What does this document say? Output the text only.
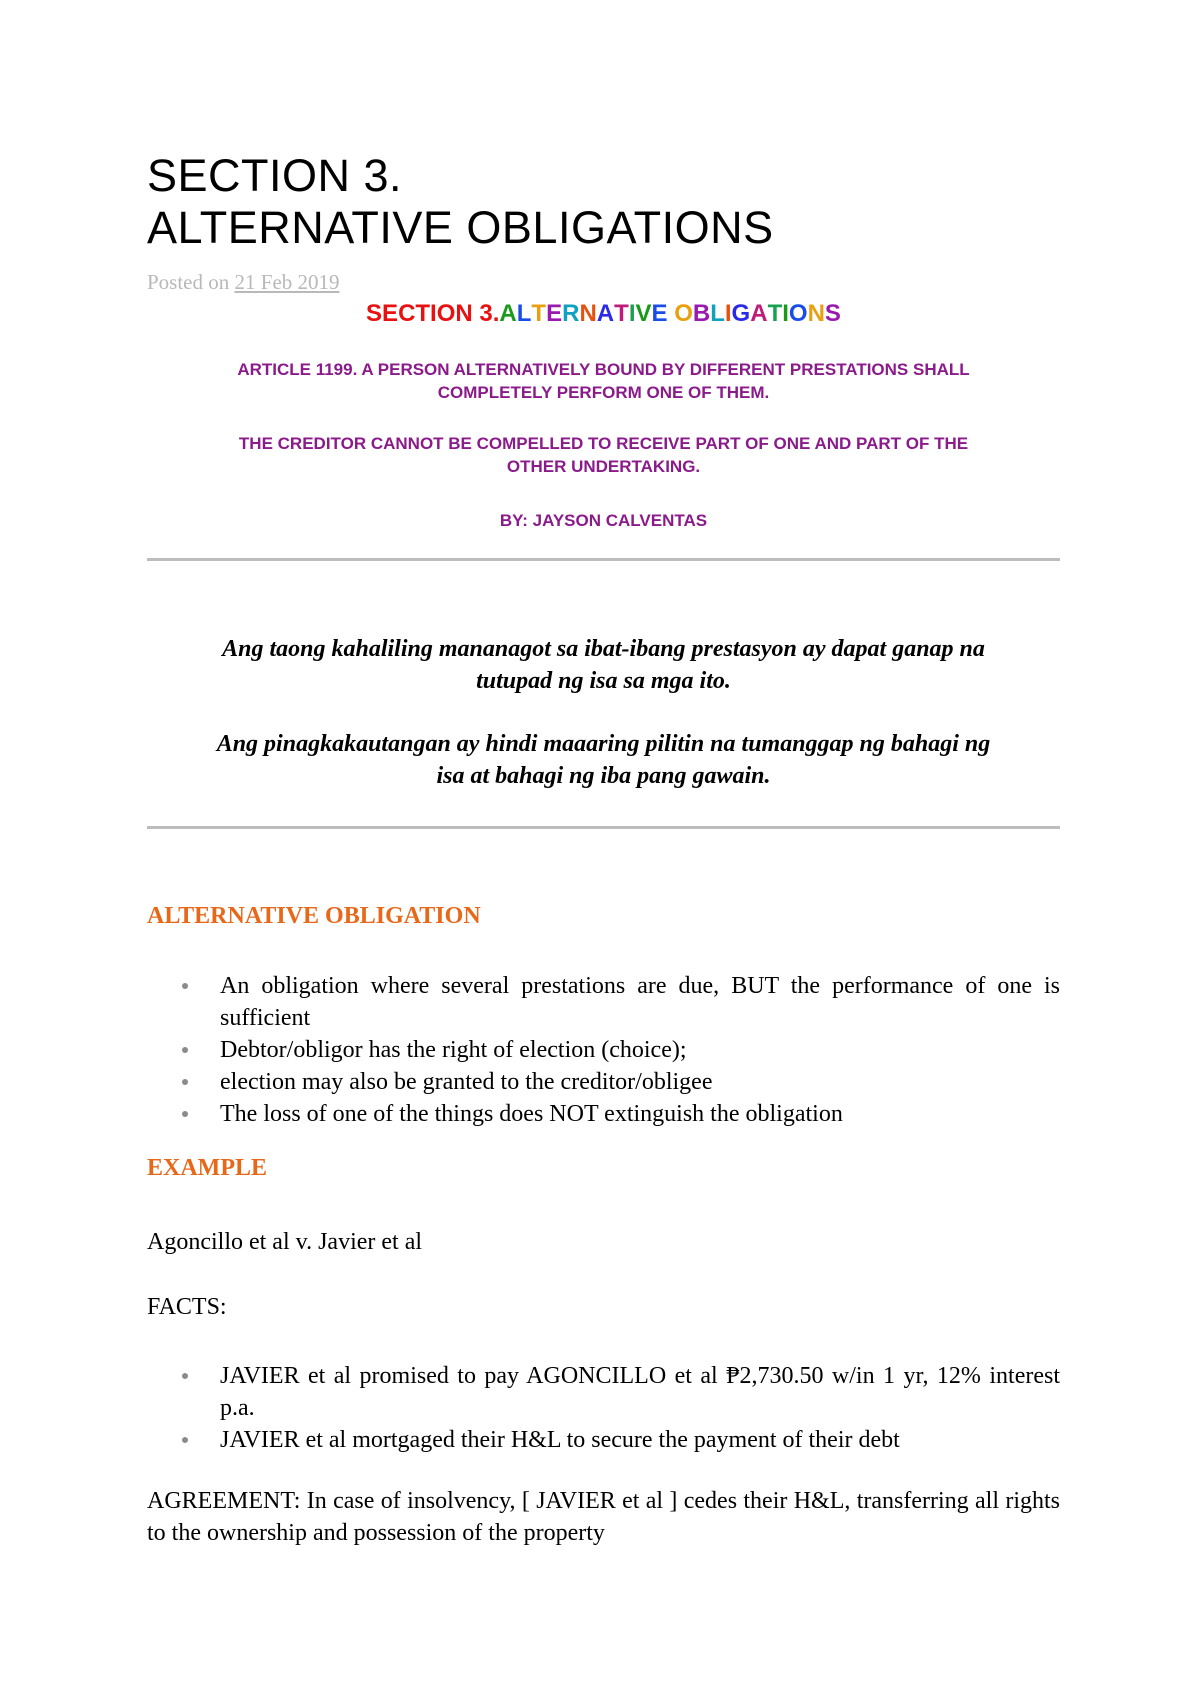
SECTION 3.
ALTERNATIVE OBLIGATIONS
Posted on 21 Feb 2019
SECTION 3.ALTERNATIVE OBLIGATIONS
ARTICLE 1199. A PERSON ALTERNATIVELY BOUND BY DIFFERENT PRESTATIONS SHALL
COMPLETELY PERFORM ONE OF THEM.
THE CREDITOR CANNOT BE COMPELLED TO RECEIVE PART OF ONE AND PART OF THE
OTHER UNDERTAKING.
BY: JAYSON CALVENTAS
Ang taong kahaliling mananagot sa ibat-ibang prestasyon ay dapat ganap na
tutupad ng isa sa mga ito.
Ang pinagkakautangan ay hindi maaaring pilitin na tumanggap ng bahagi ng
isa at bahagi ng iba pang gawain.
ALTERNATIVE OBLIGATION
An obligation where several prestations are due, BUT the performance of one is sufficient
Debtor/obligor has the right of election (choice);
election may also be granted to the creditor/obligee
The loss of one of the things does NOT extinguish the obligation
EXAMPLE
Agoncillo et al v. Javier et al
FACTS:
JAVIER et al promised to pay AGONCILLO et al ₱2,730.50 w/in 1 yr, 12% interest p.a.
JAVIER et al mortgaged their H&L to secure the payment of their debt
AGREEMENT: In case of insolvency, [ JAVIER et al ] cedes their H&L, transferring all rights to the ownership and possession of the property
